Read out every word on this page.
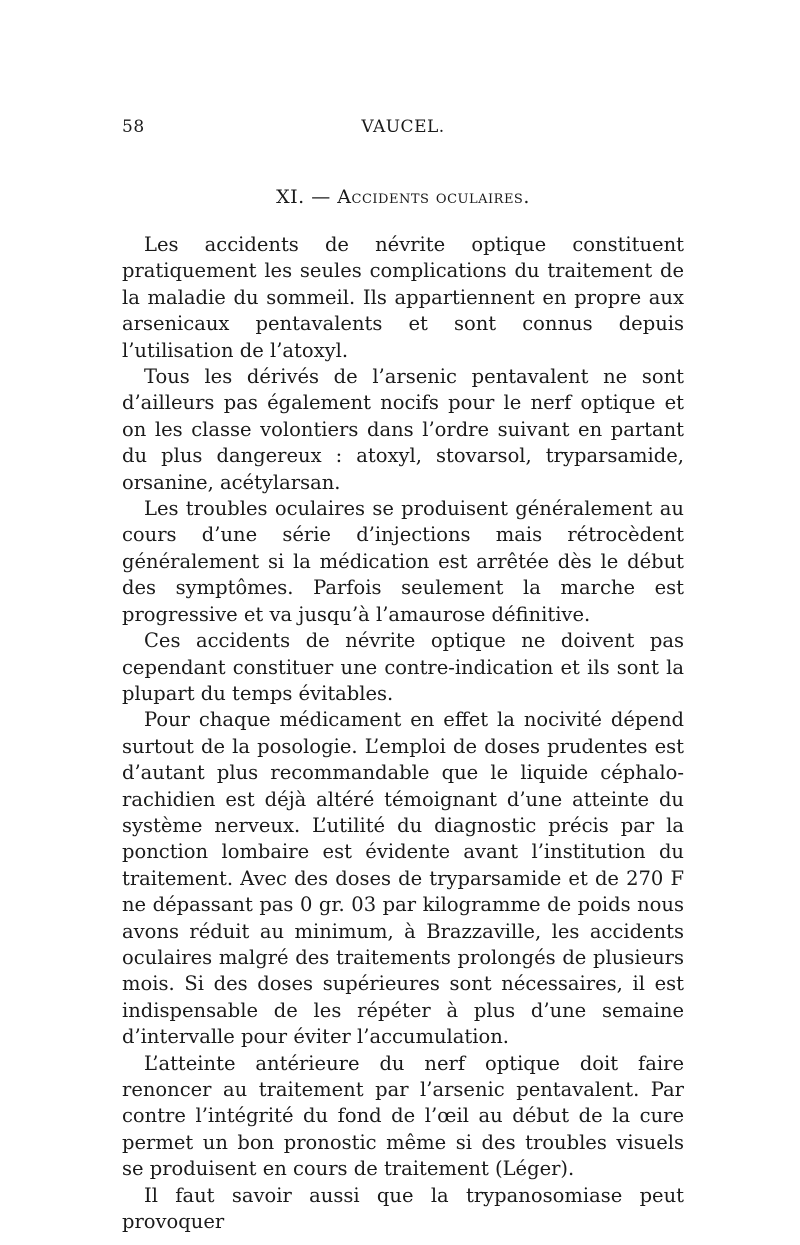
58	VAUCEL.
XI. — Accidents oculaires.

Les accidents de névrite optique constituent pratiquement les seules complications du traitement de la maladie du sommeil. Ils appartiennent en propre aux arsenicaux pentavalents et sont connus depuis l’utilisation de l’atoxyl.

Tous les dérivés de l’arsenic pentavalent ne sont d’ailleurs pas également nocifs pour le nerf optique et on les classe volontiers dans l’ordre suivant en partant du plus dangereux : atoxyl, stovarsol, tryparsamide, orsanine, acétylarsan.

Les troubles oculaires se produisent généralement au cours d’une série d’injections mais rétrocèdent généralement si la médication est arrêtée dès le début des symptômes. Parfois seulement la marche est progressive et va jusqu’à l’amaurose définitive.

Ces accidents de névrite optique ne doivent pas cependant constituer une contre-indication et ils sont la plupart du temps évitables.

Pour chaque médicament en effet la nocivité dépend surtout de la posologie. L’emploi de doses prudentes est d’autant plus recommandable que le liquide céphalo-rachidien est déjà altéré témoignant d’une atteinte du système nerveux. L’utilité du diagnostic précis par la ponction lombaire est évidente avant l’institution du traitement. Avec des doses de tryparsamide et de 270 F ne dépassant pas 0 gr. 03 par kilogramme de poids nous avons réduit au minimum, à Brazzaville, les accidents oculaires malgré des traitements prolongés de plusieurs mois. Si des doses supérieures sont nécessaires, il est indispensable de les répéter à plus d’une semaine d’intervalle pour éviter l’accumulation.

L’atteinte antérieure du nerf optique doit faire renoncer au traitement par l’arsenic pentavalent. Par contre l’intégrité du fond de l’œil au début de la cure permet un bon pronostic même si des troubles visuels se produisent en cours de traitement (Léger).

Il faut savoir aussi que la trypanosomiase peut provoquer
